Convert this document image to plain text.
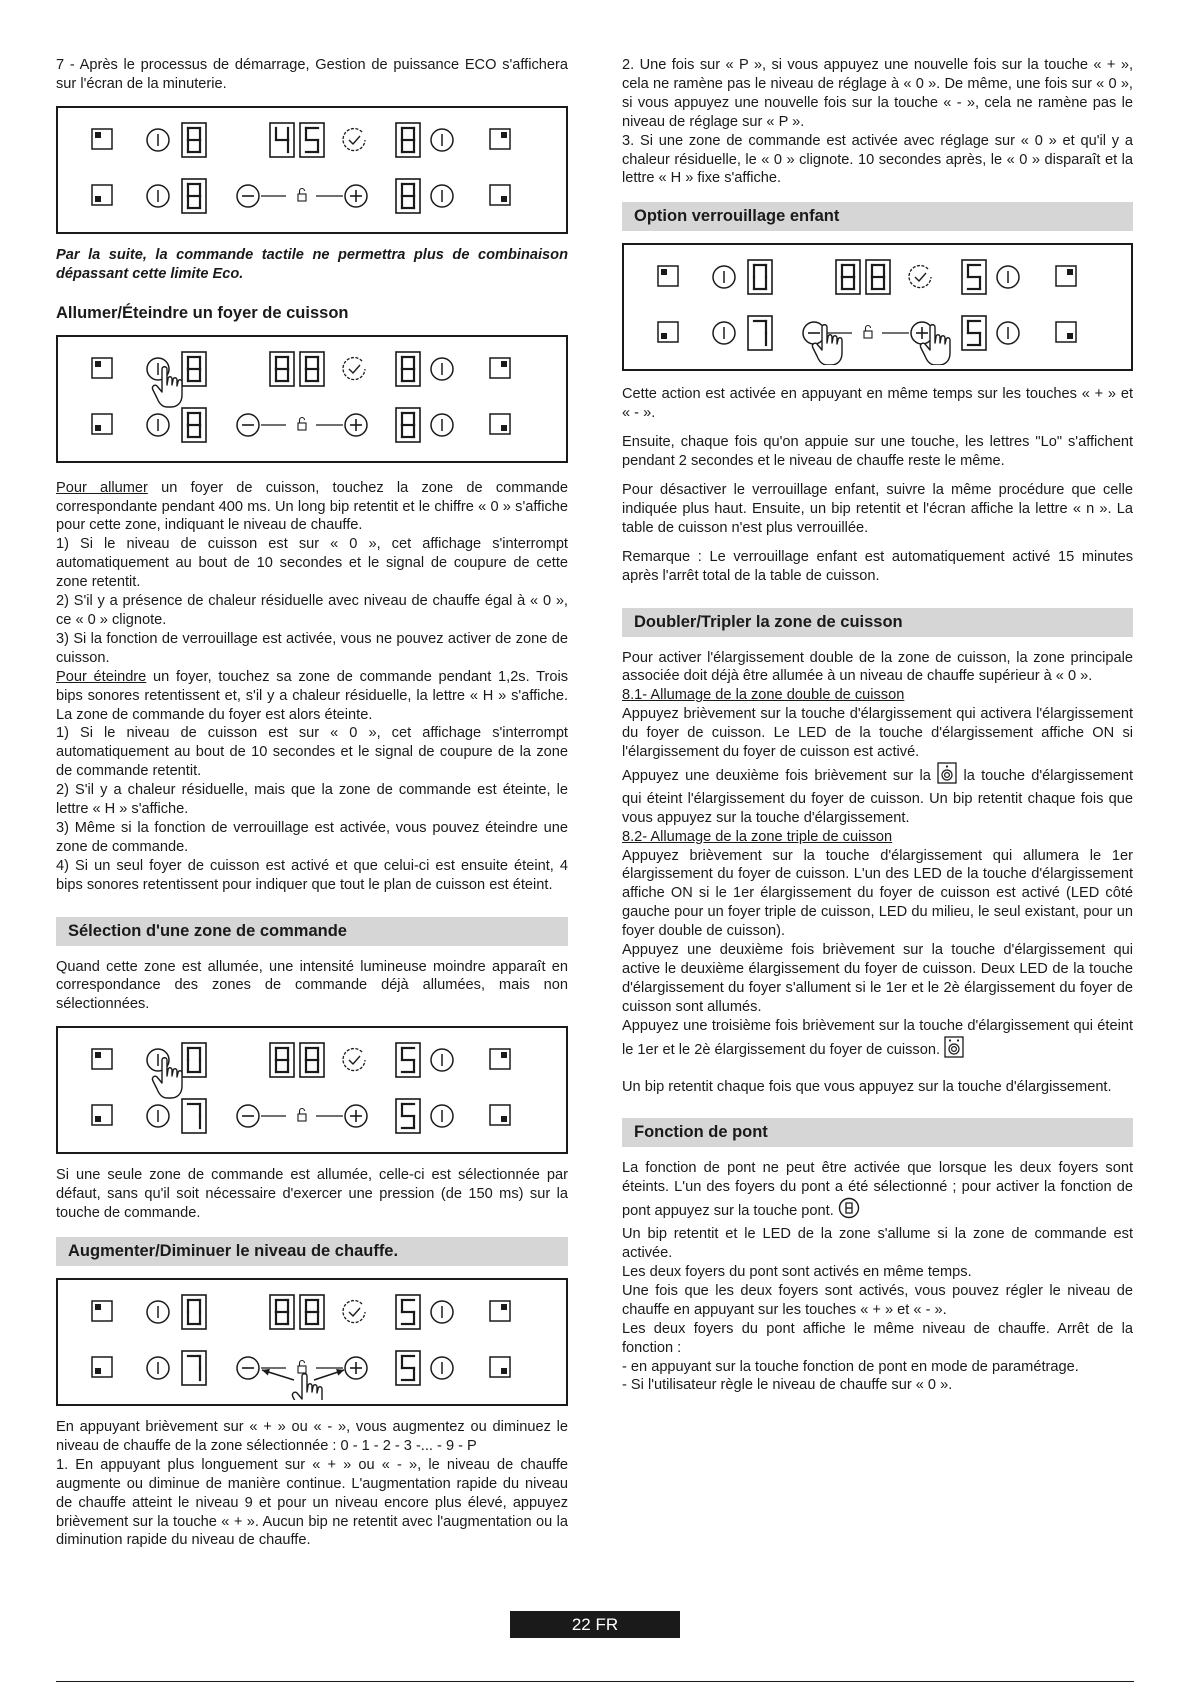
7 - Après le processus de démarrage, Gestion de puissance ECO s'affichera sur l'écran de la minuterie.

Par la suite, la commande tactile ne permettra plus de combinaison dépassant cette limite Eco.

Allumer/Éteindre un foyer de cuisson

Pour allumer un foyer de cuisson, touchez la zone de commande correspondante pendant 400 ms. Un long bip retentit et le chiffre « 0 » s'affiche pour cette zone, indiquant le niveau de chauffe.

1) Si le niveau de cuisson est sur « 0 », cet affichage s'interrompt automatiquement au bout de 10 secondes et le signal de coupure de cette zone retentit.

2) S'il y a présence de chaleur résiduelle avec niveau de chauffe égal à « 0 », ce « 0 » clignote.

3) Si la fonction de verrouillage est activée, vous ne pouvez activer de zone de cuisson.

Pour éteindre un foyer, touchez sa zone de commande pendant 1,2s. Trois bips sonores retentissent et, s'il y a chaleur résiduelle, la lettre « H » s'affiche. La zone de commande du foyer est alors éteinte.

1) Si le niveau de cuisson est sur « 0 », cet affichage s'interrompt automatiquement au bout de 10 secondes et le signal de coupure de la zone de commande retentit.

2) S'il y a chaleur résiduelle, mais que la zone de commande est éteinte, le lettre « H » s'affiche.

3) Même si la fonction de verrouillage est activée, vous pouvez éteindre une zone de commande.

4) Si un seul foyer de cuisson est activé et que celui-ci est ensuite éteint, 4 bips sonores retentissent pour indiquer que tout le plan de cuisson est éteint.

Sélection d'une zone de commande

Quand cette zone est allumée, une intensité lumineuse moindre apparaît en correspondance des zones de commande déjà allumées, mais non sélectionnées.

Si une seule zone de commande est allumée, celle-ci est sélectionnée par défaut, sans qu'il soit nécessaire d'exercer une pression (de 150 ms) sur la touche de commande.

Augmenter/Diminuer le niveau de chauffe.

En appuyant brièvement sur « + » ou « - », vous augmentez ou diminuez le niveau de chauffe de la zone sélectionnée : 0 - 1 - 2 - 3 -... - 9 - P

1. En appuyant plus longuement sur « + » ou « - », le niveau de chauffe augmente ou diminue de manière continue. L'augmentation rapide du niveau de chauffe atteint le niveau 9 et pour un niveau encore plus élevé, appuyez brièvement sur la touche « + ». Aucun bip ne retentit avec l'augmentation ou la diminution rapide du niveau de chauffe.

2. Une fois sur « P », si vous appuyez une nouvelle fois sur la touche « + », cela ne ramène pas le niveau de réglage à « 0 ». De même, une fois sur « 0 », si vous appuyez une nouvelle fois sur la touche « - », cela ne ramène pas le niveau de réglage sur « P ».

3. Si une zone de commande est activée avec réglage sur « 0 » et qu'il y a chaleur résiduelle, le « 0 » clignote. 10 secondes après, le « 0 » disparaît et la lettre « H » fixe s'affiche.

Option verrouillage enfant

Cette action est activée en appuyant en même temps sur les touches « + » et « - ».

Ensuite, chaque fois qu'on appuie sur une touche, les lettres "Lo" s'affichent pendant 2 secondes et le niveau de chauffe reste le même.

Pour désactiver le verrouillage enfant, suivre la même procédure que celle indiquée plus haut. Ensuite, un bip retentit et l'écran affiche la lettre « n ». La table de cuisson n'est plus verrouillée.

Remarque : Le verrouillage enfant est automatiquement activé 15 minutes après l'arrêt total de la table de cuisson.

Doubler/Tripler la zone de cuisson

Pour activer l'élargissement double de la zone de cuisson, la zone principale associée doit déjà être allumée à un niveau de chauffe supérieur à « 0 ».

8.1- Allumage de la zone double de cuisson

Appuyez brièvement sur la touche d'élargissement qui activera l'élargissement du foyer de cuisson. Le LED de la touche d'élargissement affiche ON si l'élargissement du foyer de cuisson est activé.

Appuyez une deuxième fois brièvement sur la  la touche d'élargissement qui éteint l'élargissement du foyer de cuisson. Un bip retentit chaque fois que vous appuyez sur la touche d'élargissement.

8.2- Allumage de la zone triple de cuisson

Appuyez brièvement sur la touche d'élargissement qui allumera le 1er élargissement du foyer de cuisson. L'un des LED de la touche d'élargissement affiche ON si le 1er élargissement du foyer de cuisson est activé (LED côté gauche pour un foyer triple de cuisson, LED du milieu, le seul existant, pour un foyer double de cuisson).

Appuyez une deuxième fois brièvement sur la touche d'élargissement qui active le deuxième élargissement du foyer de cuisson. Deux LED de la touche d'élargissement du foyer s'allument si le 1er et le 2è élargissement du foyer de cuisson sont allumés.

Appuyez une troisième fois brièvement sur la touche d'élargissement qui éteint le 1er et le 2è élargissement du foyer de cuisson.

Un bip retentit chaque fois que vous appuyez sur la touche d'élargissement.

Fonction de pont

La fonction de pont ne peut être activée que lorsque les deux foyers sont éteints. L'un des foyers du pont a été sélectionné ; pour activer la fonction de pont appuyez sur la touche pont.

Un bip retentit et le LED de la zone s'allume si la zone de commande est activée.

Les deux foyers du pont sont activés en même temps.

Une fois que les deux foyers sont activés, vous pouvez régler le niveau de chauffe en appuyant sur les touches « + » et « - ».

Les deux foyers du pont affiche le même niveau de chauffe. Arrêt de la fonction :

- en appuyant sur la touche fonction de pont en mode de paramétrage.

- Si l'utilisateur règle le niveau de chauffe sur « 0 ».

22 FR
